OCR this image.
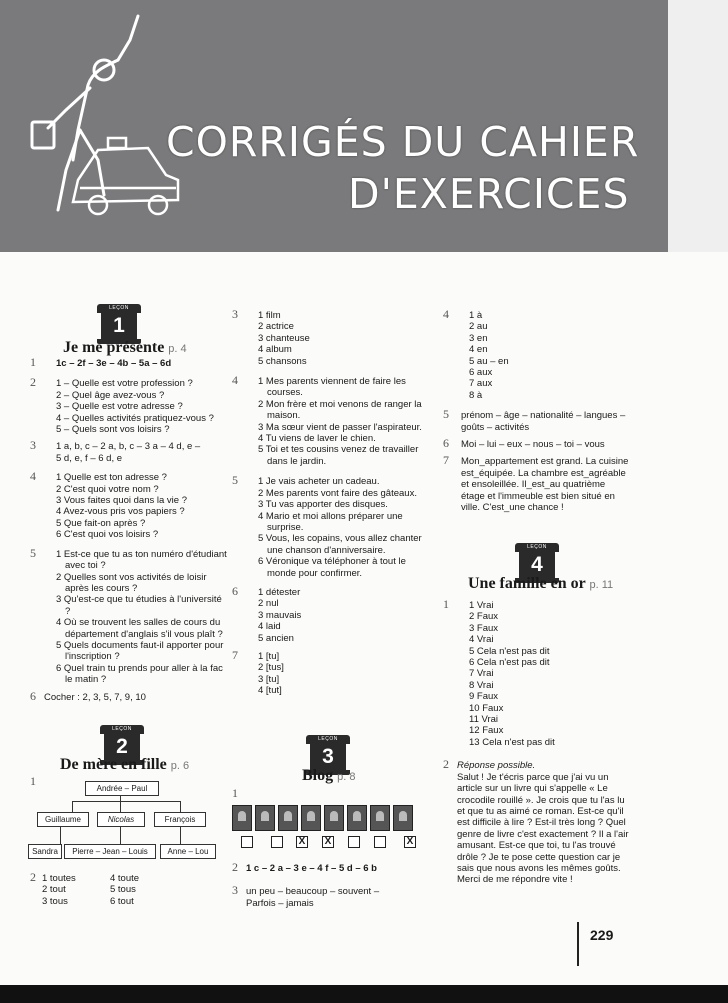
CORRIGÉS DU CAHIER
D'EXERCICES
LEÇON
1
Je me présente p. 4
1 1c – 2f – 3e – 4b – 5a – 6d
2 1 – Quelle est votre profession ?
2 – Quel âge avez-vous ?
3 – Quelle est votre adresse ?
4 – Quelles activités pratiquez-vous ?
5 – Quels sont vos loisirs ?
3 1 a, b, c – 2 a, b, c – 3 a – 4 d, e –
5 d, e, f – 6 d, e
4 1 Quelle est ton adresse ?
2 C'est quoi votre nom ?
3 Vous faites quoi dans la vie ?
4 Avez-vous pris vos papiers ?
5 Que fait-on après ?
6 C'est quoi vos loisirs ?
5 1 Est-ce que tu as ton numéro d'étudiant avec toi ?
2 Quelles sont vos activités de loisir après les cours ?
3 Qu'est-ce que tu étudies à l'université ?
4 Où se trouvent les salles de cours du département d'anglais s'il vous plaît ?
5 Quels documents faut-il apporter pour l'inscription ?
6 Quel train tu prends pour aller à la fac le matin ?
6 Cocher : 2, 3, 5, 7, 9, 10
LEÇON
2
De mère en fille p. 6
1
Andrée – Paul
Guillaume	Nicolas	François
Sandra	Pierre – Jean – Louis	Anne – Lou
2 1 toutes
2 tout
3 tous
4 toute
5 tous
6 tout
3 1 film
2 actrice
3 chanteuse
4 album
5 chansons
4 1 Mes parents viennent de faire les courses.
2 Mon frère et moi venons de ranger la maison.
3 Ma sœur vient de passer l'aspirateur.
4 Tu viens de laver le chien.
5 Toi et tes cousins venez de travailler dans le jardin.
5 1 Je vais acheter un cadeau.
2 Mes parents vont faire des gâteaux.
3 Tu vas apporter des disques.
4 Mario et moi allons préparer une surprise.
5 Vous, les copains, vous allez chanter une chanson d'anniversaire.
6 Véronique va téléphoner à tout le monde pour confirmer.
6 1 détester
2 nul
3 mauvais
4 laid
5 ancien
7 1 [tu]
2 [tus]
3 [tu]
4 [tut]
LEÇON
3
Blog p. 8
1
X X	X
2 1 c – 2 a – 3 e – 4 f – 5 d – 6 b
3 un peu – beaucoup – souvent –
Parfois – jamais
4 1 à
2 au
3 en
4 en
5 au – en
6 aux
7 aux
8 à
5 prénom – âge – nationalité – langues – goûts – activités
6 Moi – lui – eux – nous – toi – vous
7 Mon_appartement est grand. La cuisine est_équipée. La chambre est_agréable et ensoleillée. Il_est_au quatrième étage et l'immeuble est bien situé en ville. C'est_une chance !
LEÇON
4
Une famille en or p. 11
1 1 Vrai
2 Faux
3 Faux
4 Vrai
5 Cela n'est pas dit
6 Cela n'est pas dit
7 Vrai
8 Vrai
9 Faux
10 Faux
11 Vrai
12 Faux
13 Cela n'est pas dit
2 Réponse possible.
Salut ! Je t'écris parce que j'ai vu un article sur un livre qui s'appelle « Le crocodile rouillé ». Je crois que tu l'as lu et que tu as aimé ce roman. Est-ce qu'il est difficile à lire ? Est-il très long ? Quel genre de livre c'est exactement ? Il a l'air amusant. Est-ce que toi, tu l'as trouvé drôle ? Je te pose cette question car je sais que nous avons les mêmes goûts. Merci de me répondre vite !
229
